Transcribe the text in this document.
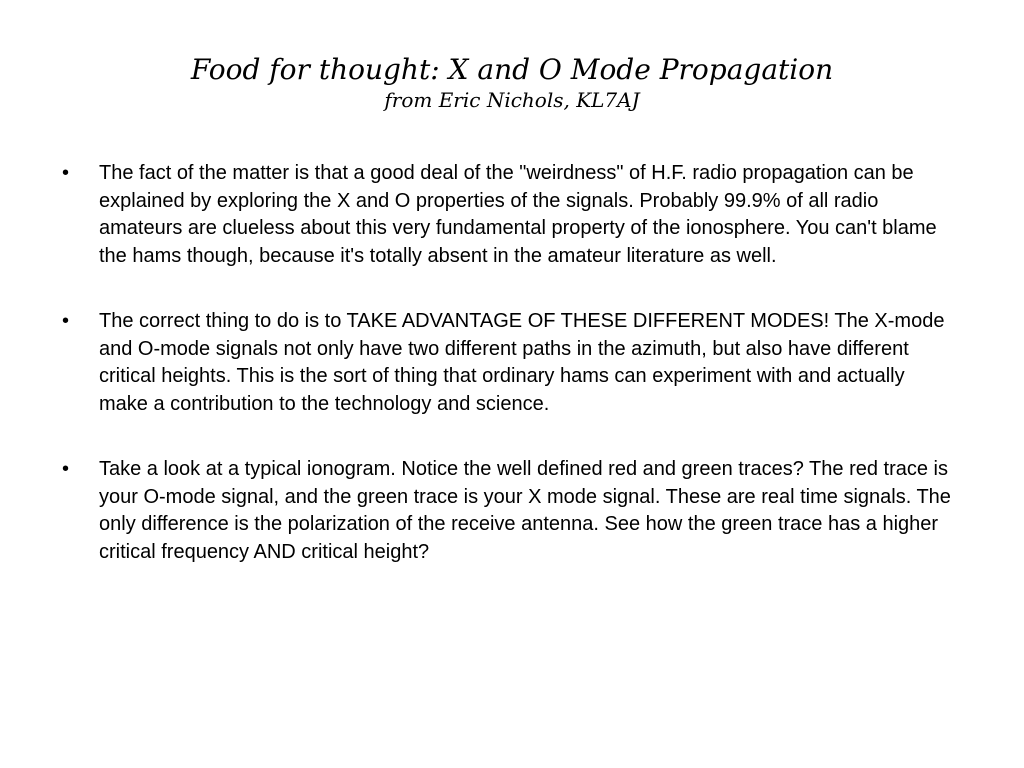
Food for thought: X and O Mode Propagation
from Eric Nichols, KL7AJ
•	The fact of the matter is that a good deal of the "weirdness" of H.F. radio propagation can be explained by exploring the X and O properties of the signals. Probably 99.9% of all radio amateurs are clueless about this very fundamental property of the ionosphere. You can't blame the hams though, because it's totally absent in the amateur literature as well.
•	The correct thing to do is to TAKE ADVANTAGE OF THESE DIFFERENT MODES! The X-mode and O-mode signals not only have two different paths in the azimuth, but also have different critical heights. This is the sort of thing that ordinary hams can experiment with and actually make a contribution to the technology and science.
•	Take a look at a typical ionogram. Notice the well defined red and green traces? The red trace is your O-mode signal, and the green trace is your X mode signal. These are real time signals. The only difference is the polarization of the receive antenna. See how the green trace has a higher critical frequency AND critical height?
